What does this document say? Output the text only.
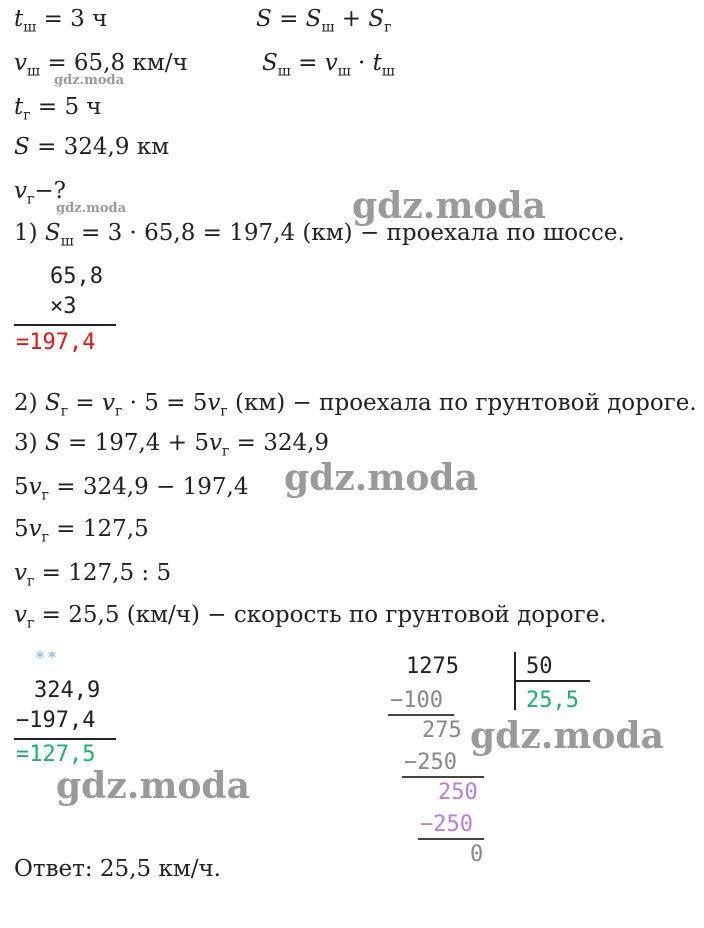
$t_ш = 3$ ч
$v_ш = 65,8$ км/ч
$t_г = 5$ ч
S = 324,9 км
$v_г-$?
$S = S_ш + S_г$
$S_ш = v_ш \cdot t_ш$
1) $S_ш = 3 \cdot 65,8 = 197,4$ (км) − проехала по шоссе.
65,8
×3
=197,4
2) $S_г = v_г \cdot 5 = 5v_г$ (км) − проехала по грунтовой дороге.
3) $S = 197,4 + 5v_г = 324,9$
$5v_г = 324,9 - 197,4$
$5v_г = 127,5$
$v_г = 127,5$ : 5
$v_г = 25,5$ (км/ч) − скорость по грунтовой дороге.
**
324,9
−197,4
=127,5
1275	50
25,5
−100
275
−250
250
−250
0
Ответ: 25,5 км/ч.
gdz.moda
gdz.moda	gdz.moda
gdz.moda
gdz.moda
gdz.moda
